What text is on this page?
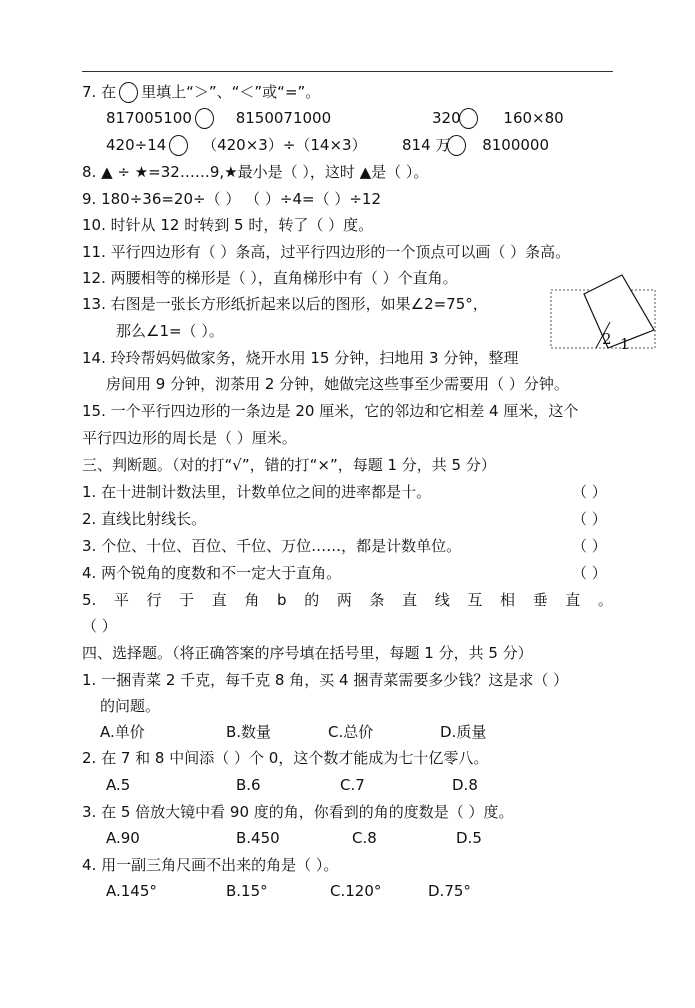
7. 在 里填上“＞”、“＜”或“=”。
817005100	8150071000	320	160×80
420÷14 （420×3）÷（14×3） 814 万 8100000
8. ▲ ÷ ★=32……9,★最小是（ ），这时 ▲是（ ）。
9. 180÷36=20÷（ ） （ ）÷4=（ ）÷12
10. 时针从 12 时转到 5 时，转了（ ）度。
11. 平行四边形有（ ）条高，过平行四边形的一个顶点可以画（ ）条高。
12. 两腰相等的梯形是（ ），直角梯形中有（ ）个直角。
13. 右图是一张长方形纸折起来以后的图形，如果∠2=75°，
那么∠1=（ ）。	2 1
14. 玲玲帮妈妈做家务，烧开水用 15 分钟，扫地用 3 分钟，整理
房间用 9 分钟，沏茶用 2 分钟，她做完这些事至少需要用（ ）分钟。
15. 一个平行四边形的一条边是 20 厘米，它的邻边和它相差 4 厘米，这个
平行四边形的周长是（ ）厘米。
三、判断题。（对的打“√”，错的打“×”，每题 1 分，共 5 分）
1. 在十进制计数法里，计数单位之间的进率都是十。	（ ）
2. 直线比射线长。	（ ）
3. 个位、十位、百位、千位、万位……，都是计数单位。	（ ）
4. 两个锐角的度数和不一定大于直角。	（ ）
5. 平 行 于 直 角 b 的 两 条 直 线 互 相 垂 直 。
（ ）
四、选择题。（将正确答案的序号填在括号里，每题 1 分，共 5 分）
1. 一捆青菜 2 千克，每千克 8 角，买 4 捆青菜需要多少钱？这是求（ ）
的问题。
A.单价	B.数量	C.总价	D.质量
2. 在 7 和 8 中间添（ ）个 0，这个数才能成为七十亿零八。
A.5	B.6	C.7	D.8
3. 在 5 倍放大镜中看 90 度的角，你看到的角的度数是（ ）度。
A.90	B.450	C.8	D.5
4. 用一副三角尺画不出来的角是（ ）。
A.145°	B.15°	C.120°	D.75°
